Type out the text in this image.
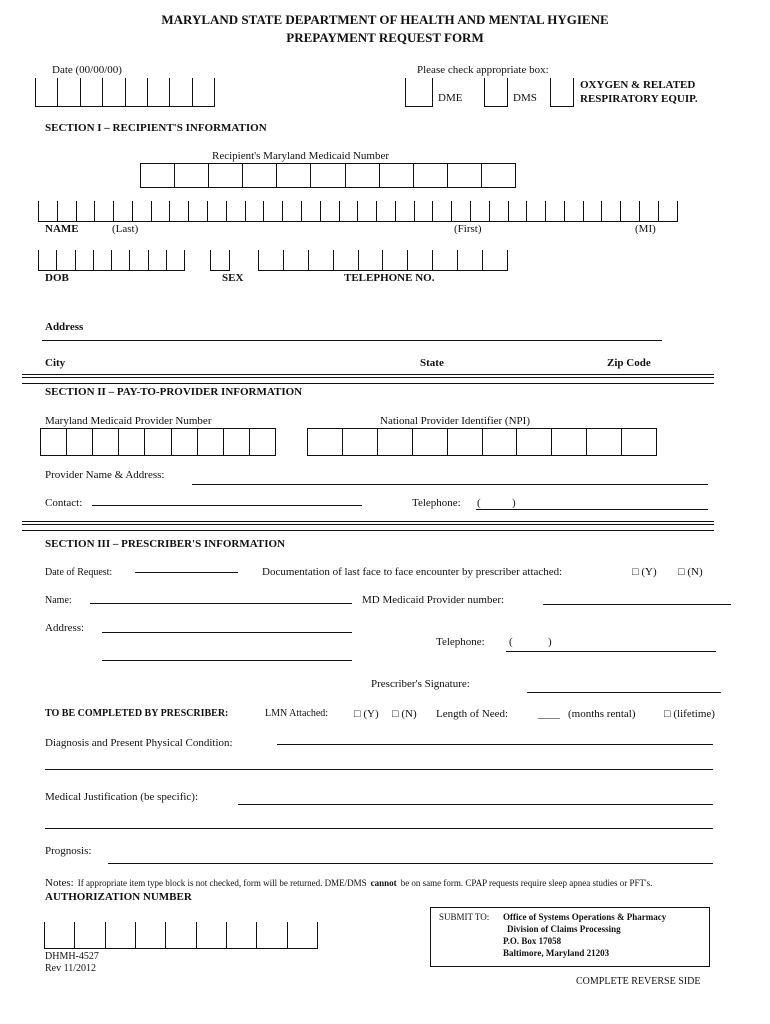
MARYLAND STATE DEPARTMENT OF HEALTH AND MENTAL HYGIENE
PREPAYMENT REQUEST FORM
Date (00/00/00)	Please check appropriate box:
DME	DMS
OXYGEN & RELATED
RESPIRATORY EQUIP.
SECTION I – RECIPIENT'S INFORMATION
Recipient's Maryland Medicaid Number
NAME	(Last)	(First)	(MI)
DOB	SEX	TELEPHONE NO.
Address
City	State	Zip Code
SECTION II – PAY-TO-PROVIDER INFORMATION
Maryland Medicaid Provider Number	National Provider Identifier (NPI)
Provider Name & Address:
Contact:	Telephone: (	)
SECTION III – PRESCRIBER'S INFORMATION
Date of Request:	Documentation of last face to face encounter by prescriber attached:	□ (Y) □ (N)
Name:	MD Medicaid Provider number:
Address:
Telephone: (	)
Prescriber's Signature:
TO BE COMPLETED BY PRESCRIBER:	LMN Attached: □ (Y) □ (N) Length of Need:	____ (months rental)	□ (lifetime)
Diagnosis and Present Physical Condition:
Medical Justification (be specific):
Prognosis:
Notes: If appropriate item type block is not checked, form will be returned. DME/DMS cannot be on same form. CPAP requests require sleep apnea studies or PFT's.
AUTHORIZATION NUMBER
SUBMIT TO: Office of Systems Operations & Pharmacy
Division of Claims Processing
P.O. Box 17058
Baltimore, Maryland 21203
DHMH-4527
Rev 11/2012
COMPLETE REVERSE SIDE
